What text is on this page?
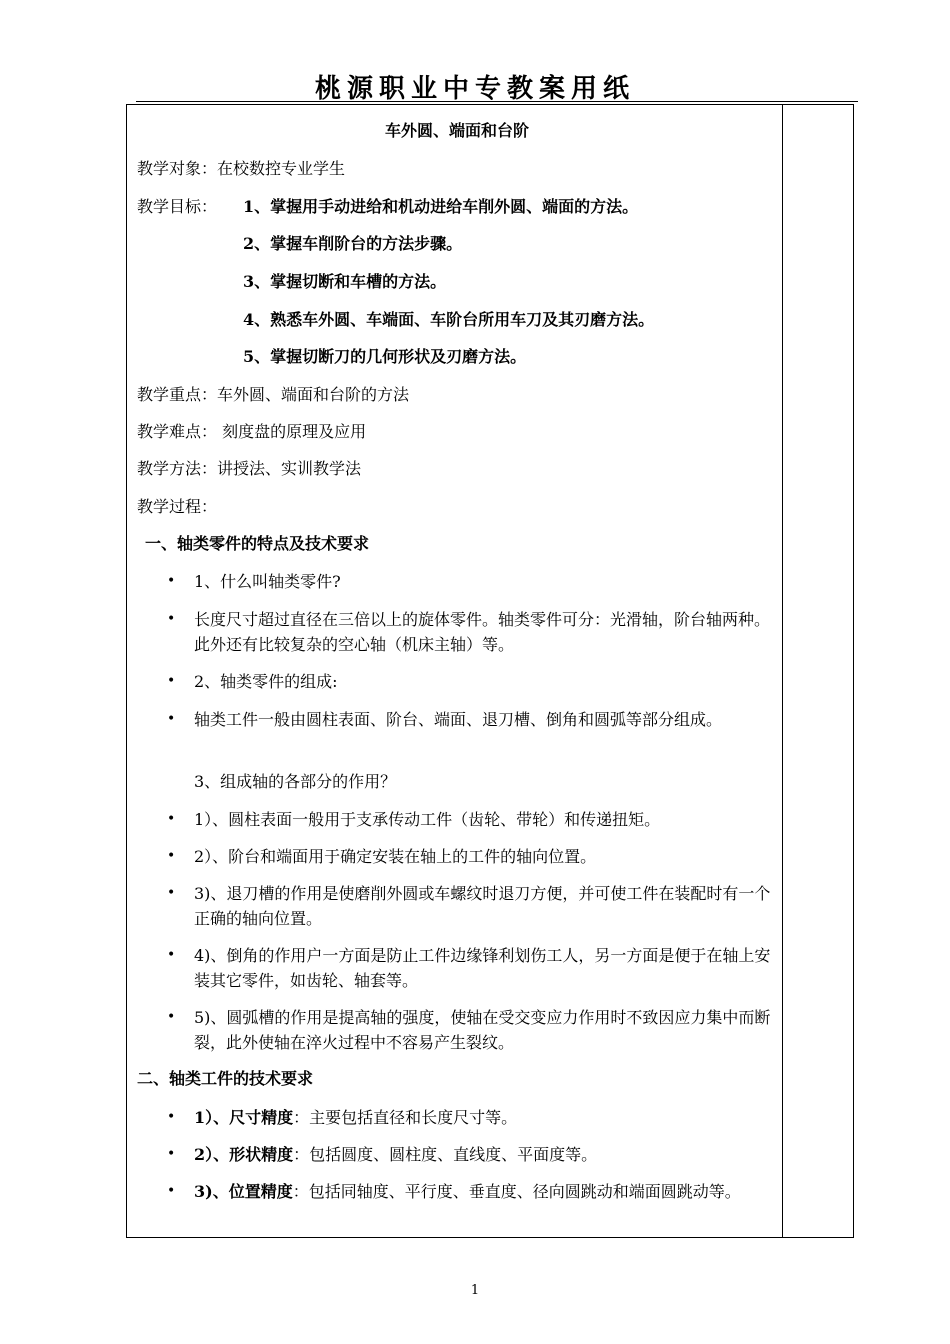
桃源职业中专教案用纸
车外圆、端面和台阶
教学对象：在校数控专业学生
教学目标： 1、掌握用手动进给和机动进给车削外圆、端面的方法。
2、掌握车削阶台的方法步骤。
3、掌握切断和车槽的方法。
4、熟悉车外圆、车端面、车阶台所用车刀及其刃磨方法。
5、掌握切断刀的几何形状及刃磨方法。
教学重点：车外圆、端面和台阶的方法
教学难点： 刻度盘的原理及应用
教学方法：讲授法、实训教学法
教学过程：
一、轴类零件的特点及技术要求
• 1、什么叫轴类零件?
• 长度尺寸超过直径在三倍以上的旋体零件。轴类零件可分：光滑轴，阶台轴两种。此外还有比较复杂的空心轴（机床主轴）等。
• 2、轴类零件的组成:
• 轴类工件一般由圆柱表面、阶台、端面、退刀槽、倒角和圆弧等部分组成。
3、组成轴的各部分的作用？
• 1）、圆柱表面一般用于支承传动工件（齿轮、带轮）和传递扭矩。
• 2）、阶台和端面用于确定安装在轴上的工件的轴向位置。
• 3)、退刀槽的作用是使磨削外圆或车螺纹时退刀方便，并可使工件在装配时有一个正确的轴向位置。
• 4)、倒角的作用户一方面是防止工件边缘锋利划伤工人，另一方面是便于在轴上安装其它零件，如齿轮、轴套等。
• 5)、圆弧槽的作用是提高轴的强度，使轴在受交变应力作用时不致因应力集中而断裂，此外使轴在淬火过程中不容易产生裂纹。
二、轴类工件的技术要求
• 1）、尺寸精度：主要包括直径和长度尺寸等。
• 2）、形状精度：包括圆度、圆柱度、直线度、平面度等。
• 3)、位置精度：包括同轴度、平行度、垂直度、径向圆跳动和端面圆跳动等。
1
